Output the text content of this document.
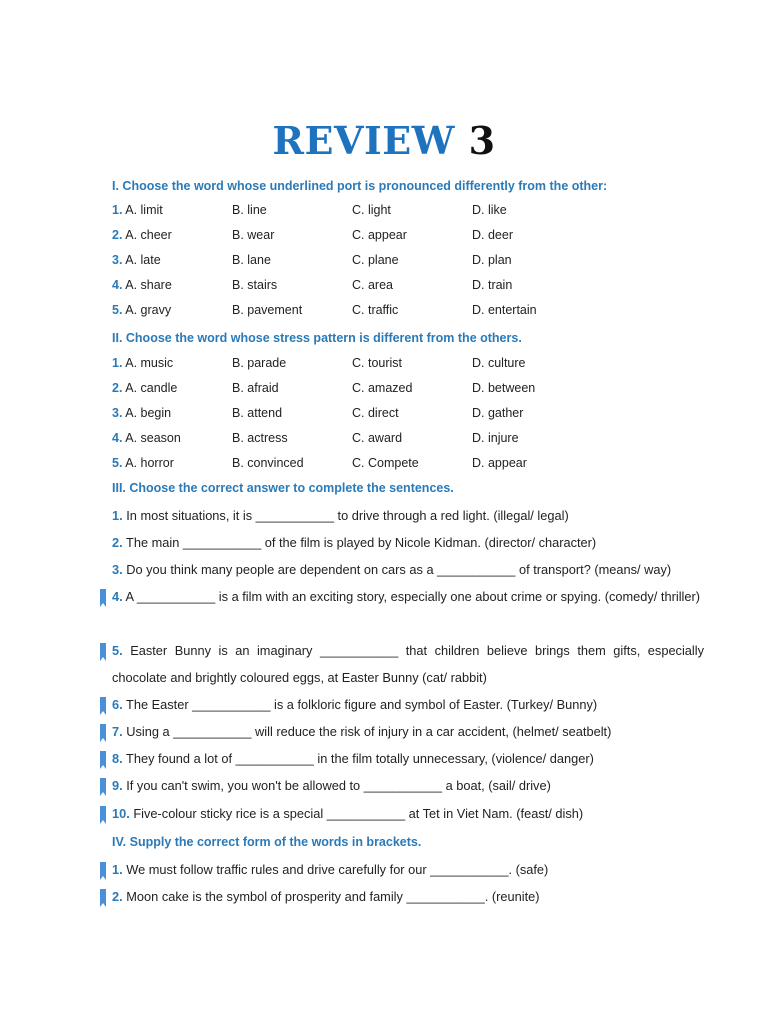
REVIEW 3
I. Choose the word whose underlined port is pronounced differently from the other:
1. A. limit	B. line	C. light	D. like
2. A. cheer	B. wear	C. appear	D. deer
3. A. late	B. lane	C. plane	D. plan
4. A. share	B. stairs	C. area	D. train
5. A. gravy	B. pavement	C. traffic	D. entertain
II. Choose the word whose stress pattern is different from the others.
1. A. music	B. parade	C. tourist	D. culture
2. A. candle	B. afraid	C. amazed	D. between
3. A. begin	B. attend	C. direct	D. gather
4. A. season	B. actress	C. award	D. injure
5. A. horror	B. convinced	C. Compete	D. appear
III. Choose the correct answer to complete the sentences.
1. In most situations, it is ___________ to drive through a red light. (illegal/ legal)
2. The main ___________ of the film is played by Nicole Kidman. (director/ character)
3. Do you think many people are dependent on cars as a ___________ of transport? (means/ way)
4. A ___________ is a film with an exciting story, especially one about crime or spying. (comedy/ thriller)
5. Easter Bunny is an imaginary ___________ that children believe brings them gifts, especially chocolate and brightly coloured eggs, at Easter Bunny (cat/ rabbit)
6. The Easter ___________ is a folkloric figure and symbol of Easter. (Turkey/ Bunny)
7. Using a ___________ will reduce the risk of injury in a car accident, (helmet/ seatbelt)
8. They found a lot of ___________ in the film totally unnecessary, (violence/ danger)
9. If you can't swim, you won't be allowed to ___________ a boat, (sail/ drive)
10. Five-colour sticky rice is a special ___________ at Tet in Viet Nam. (feast/ dish)
IV. Supply the correct form of the words in brackets.
1. We must follow traffic rules and drive carefully for our ___________. (safe)
2. Moon cake is the symbol of prosperity and family ___________. (reunite)
